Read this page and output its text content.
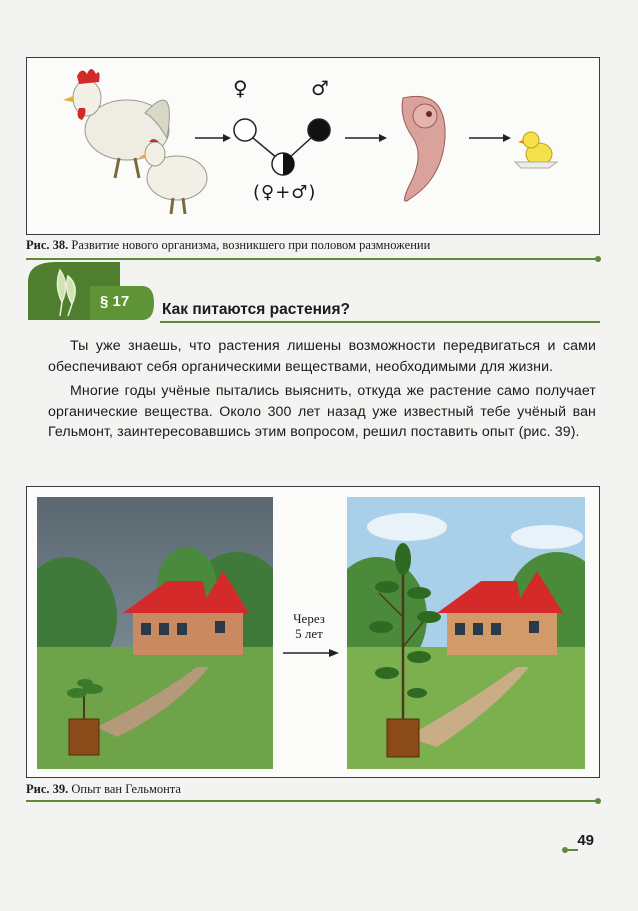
♀	♂
(♀+♂)
Рис. 38. Развитие нового организма, возникшего при половом размножении
§ 17 Как питаются растения?

Ты уже знаешь, что растения лишены возможности передвигаться и сами обеспечивают себя органическими веществами, необходимыми для жизни.

Многие годы учёные пытались выяснить, откуда же растение само получает органические вещества. Около 300 лет назад уже известный тебе учёный ван Гельмонт, заинтересовавшись этим вопросом, решил поставить опыт (рис. 39).

Через
5 лет
Рис. 39. Опыт ван Гельмонта
49
